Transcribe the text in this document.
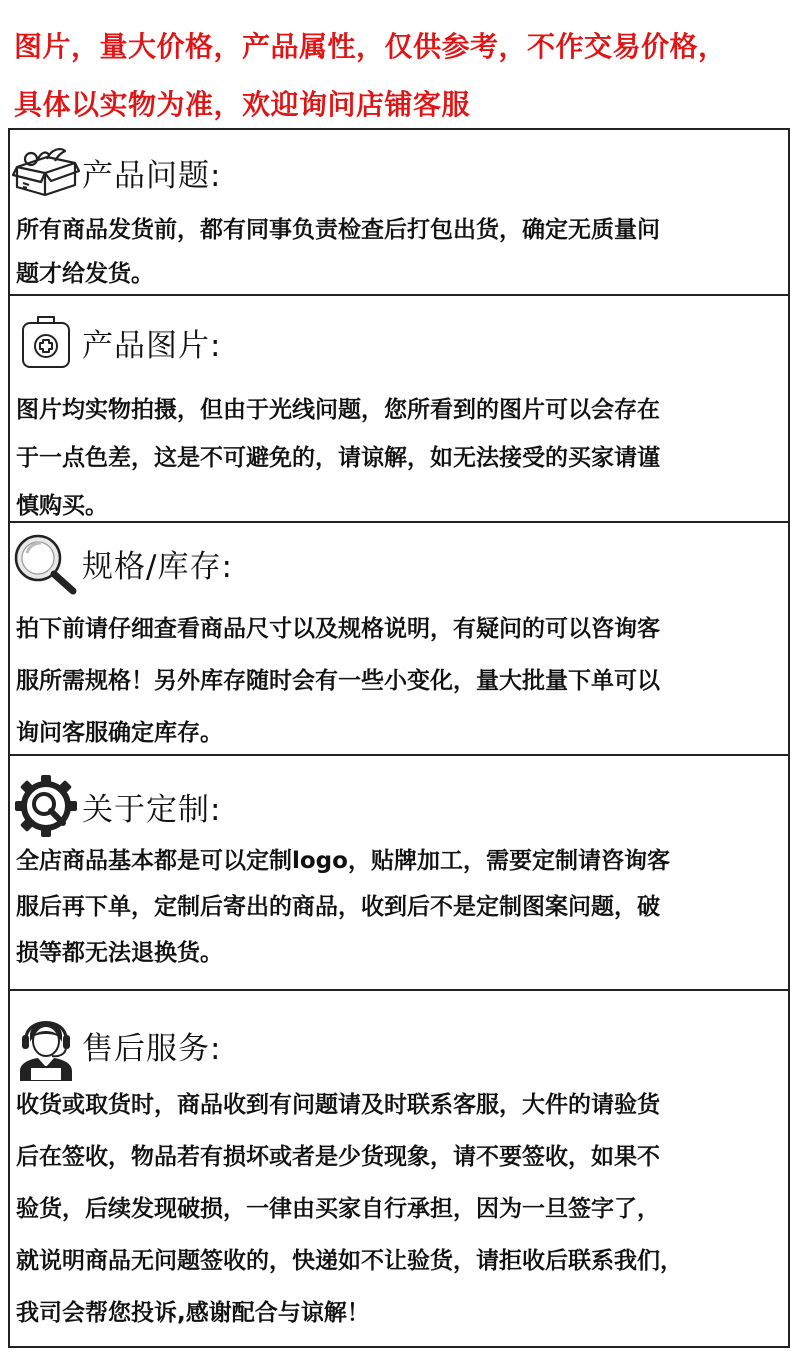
图片，量大价格，产品属性，仅供参考，不作交易价格，
具体以实物为准，欢迎询问店铺客服
产品问题:
所有商品发货前，都有同事负责检查后打包出货，确定无质量问
题才给发货。
产品图片:
图片均实物拍摄，但由于光线问题，您所看到的图片可以会存在
于一点色差，这是不可避免的，请谅解，如无法接受的买家请谨
慎购买。
规格/库存:
拍下前请仔细查看商品尺寸以及规格说明，有疑问的可以咨询客
服所需规格！另外库存随时会有一些小变化，量大批量下单可以
询问客服确定库存。
关于定制:
全店商品基本都是可以定制logo，贴牌加工，需要定制请咨询客
服后再下单，定制后寄出的商品，收到后不是定制图案问题，破
损等都无法退换货。
售后服务:
收货或取货时，商品收到有问题请及时联系客服，大件的请验货
后在签收，物品若有损坏或者是少货现象，请不要签收，如果不
验货，后续发现破损，一律由买家自行承担，因为一旦签字了，
就说明商品无问题签收的，快递如不让验货，请拒收后联系我们，
我司会帮您投诉,感谢配合与谅解！
